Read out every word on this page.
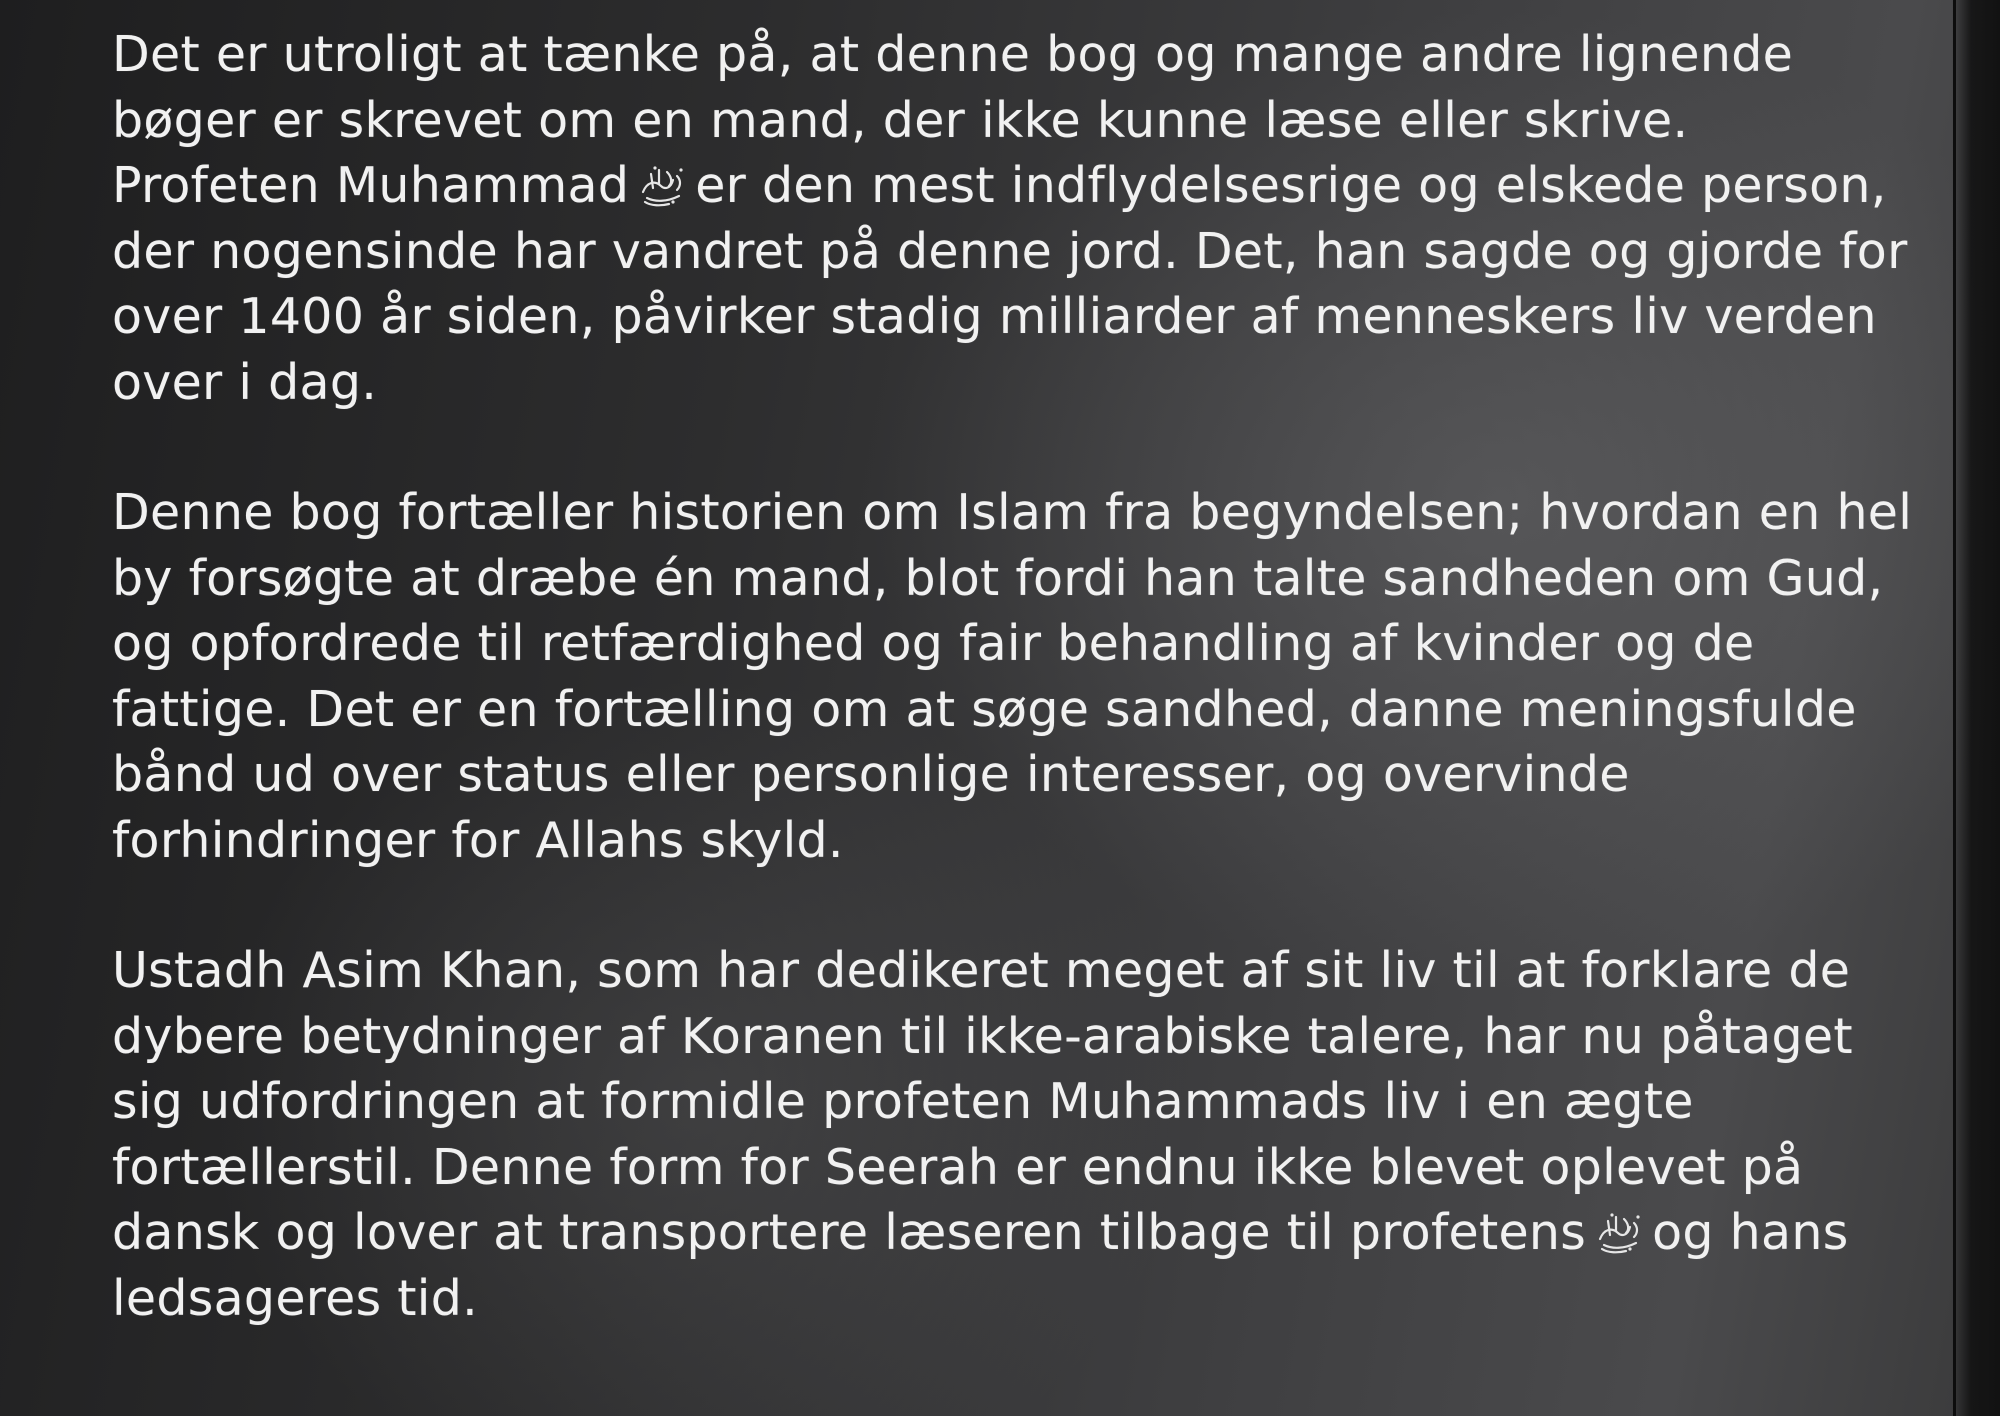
Det er utroligt at tænke på, at denne bog og mange andre lignende
bøger er skrevet om en mand, der ikke kunne læse eller skrive.
Profeten Muhammad er den mest indflydelsesrige og elskede person,
der nogensinde har vandret på denne jord. Det, han sagde og gjorde for
over 1400 år siden, påvirker stadig milliarder af menneskers liv verden
over i dag.
Denne bog fortæller historien om Islam fra begyndelsen; hvordan en hel
by forsøgte at dræbe én mand, blot fordi han talte sandheden om Gud,
og opfordrede til retfærdighed og fair behandling af kvinder og de
fattige. Det er en fortælling om at søge sandhed, danne meningsfulde
bånd ud over status eller personlige interesser, og overvinde
forhindringer for Allahs skyld.
Ustadh Asim Khan, som har dedikeret meget af sit liv til at forklare de
dybere betydninger af Koranen til ikke-arabiske talere, har nu påtaget
sig udfordringen at formidle profeten Muhammads liv i en ægte
fortællerstil. Denne form for Seerah er endnu ikke blevet oplevet på
dansk og lover at transportere læseren tilbage til profetens og hans
ledsageres tid.
